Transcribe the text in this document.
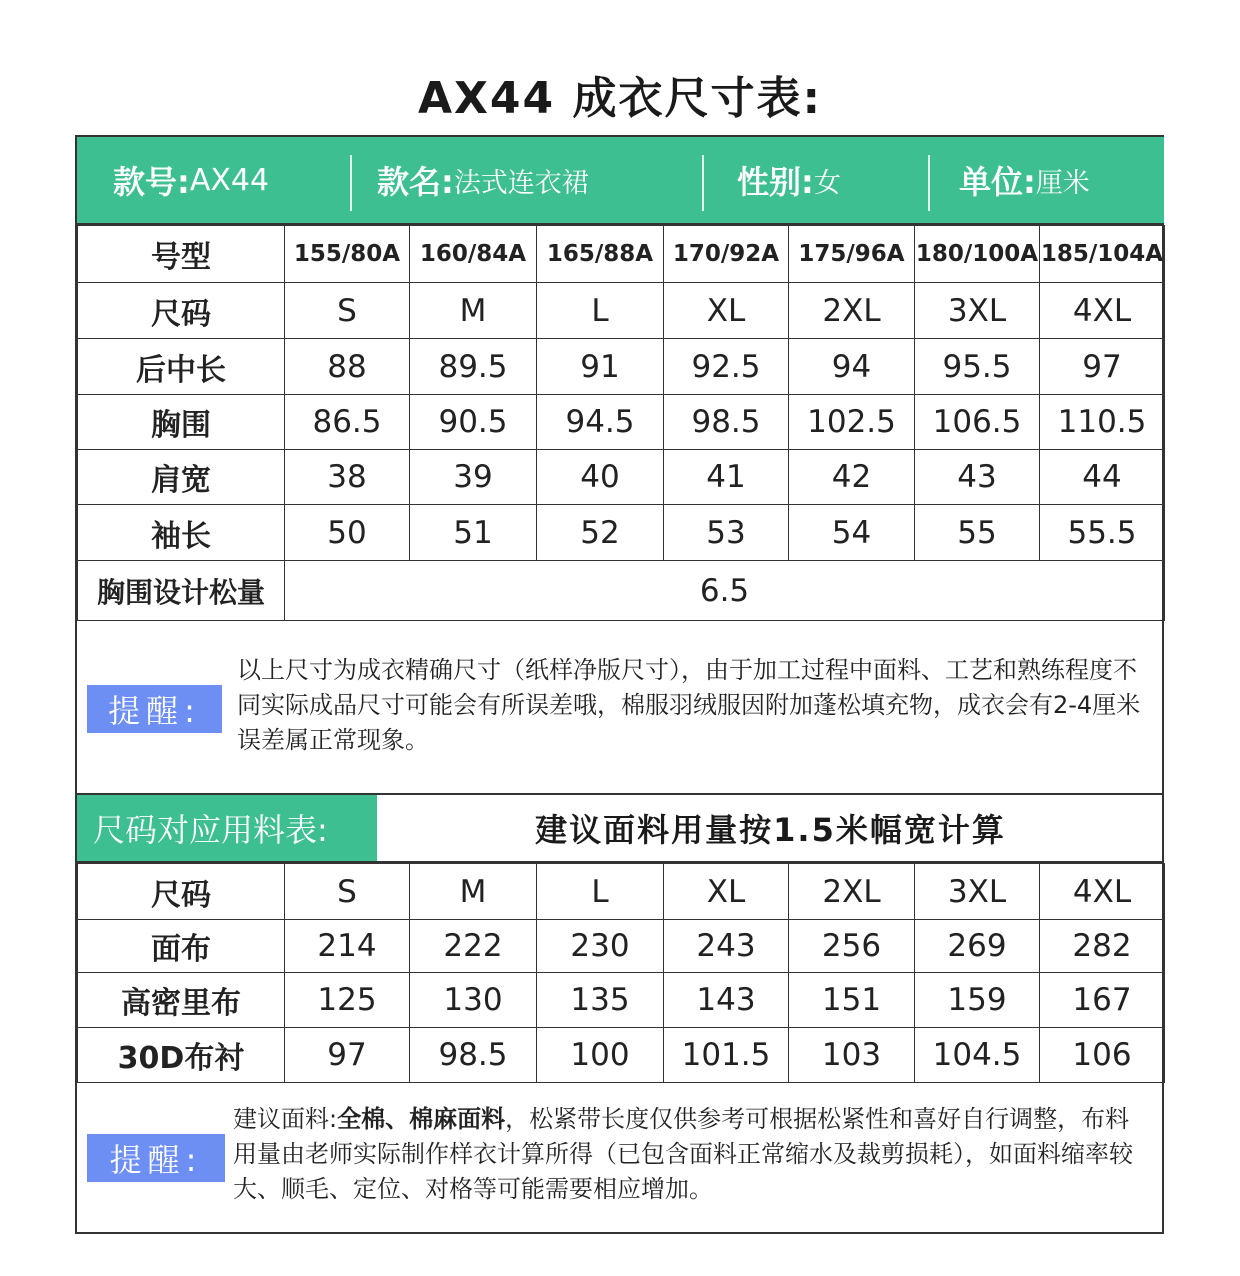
AX44 成衣尺寸表:
款号: AX44	款名: 法式连衣裙	性别: 女	单位: 厘米
号型	155/80A	160/84A	165/88A	170/92A	175/96A	180/100A	185/104A
尺码	S	M	L	XL	2XL	3XL	4XL
后中长	88	89.5	91	92.5	94	95.5	97
胸围	86.5	90.5	94.5	98.5	102.5	106.5	110.5
肩宽	38	39	40	41	42	43	44
袖长	50	51	52	53	54	55	55.5
胸围设计松量	6.5						
提醒:
以上尺寸为成衣精确尺寸（纸样净版尺寸），由于加工过程中面料、工艺和熟练程度不同实际成品尺寸可能会有所误差哦，棉服羽绒服因附加蓬松填充物，成衣会有2-4厘米误差属正常现象。
尺码对应用料表:	建议面料用量按1.5米幅宽计算
尺码	S	M	L	XL	2XL	3XL	4XL
面布	214	222	230	243	256	269	282
高密里布	125	130	135	143	151	159	167
30D布衬	97	98.5	100	101.5	103	104.5	106
提醒:
建议面料:全棉、棉麻面料，松紧带长度仅供参考可根据松紧性和喜好自行调整，布料用量由老师实际制作样衣计算所得（已包含面料正常缩水及裁剪损耗），如面料缩率较大、顺毛、定位、对格等可能需要相应增加。
